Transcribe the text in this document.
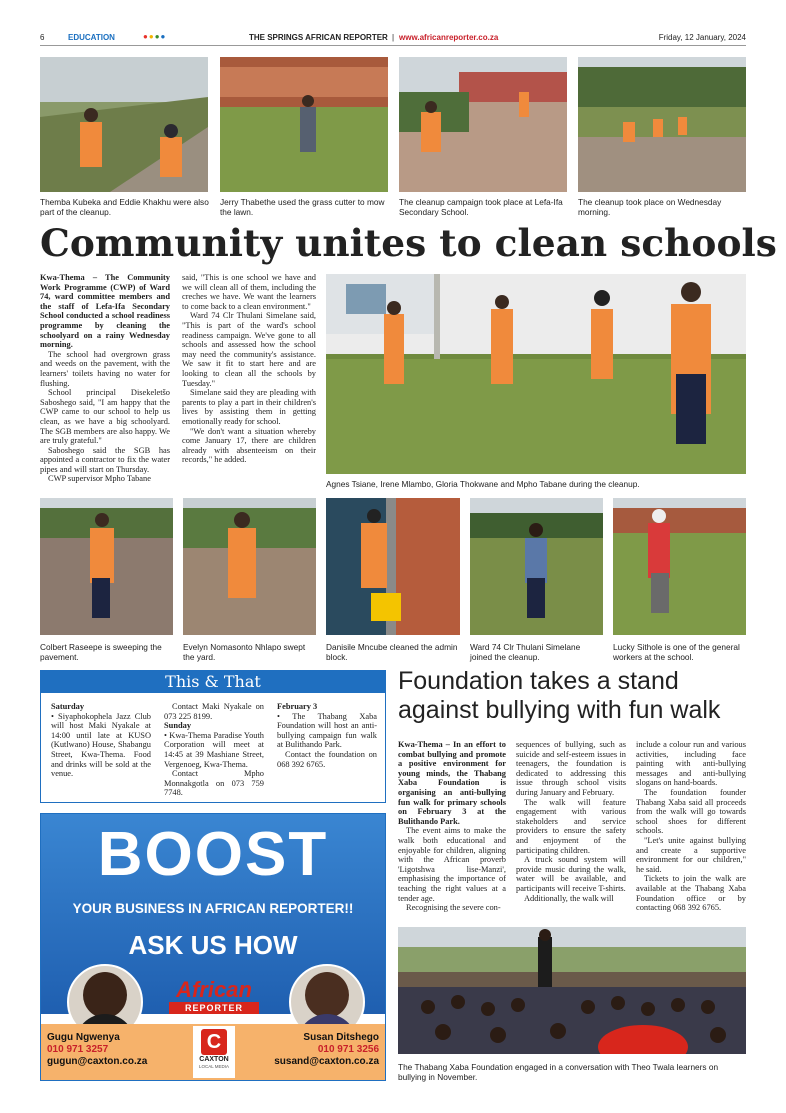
6	EDUCATION	●●●●	THE SPRINGS AFRICAN REPORTER | www.africanreporter.co.za	Friday, 12 January, 2024

Themba Kubeka and Eddie Khakhu were also part of the cleanup.

Jerry Thabethe used the grass cutter to mow the lawn.

The cleanup campaign took place at Lefa-Ifa Secondary School.

The cleanup took place on Wednesday morning.

Community unites to clean schools

Kwa-Thema – The Community Work Programme (CWP) of Ward 74, ward committee members and the staff of Lefa-Ifa Secondary School conducted a school readiness programme by cleaning the schoolyard on a rainy Wednesday morning.

The school had overgrown grass and weeds on the pavement, with the learners' toilets having no water for flushing.

School principal Disekeletšo Saboshego said, "I am happy that the CWP came to our school to help us clean, as we have a big schoolyard. The SGB members are also happy. We are truly grateful."

Saboshego said the SGB has appointed a contractor to fix the water pipes and will start on Thursday.

CWP supervisor Mpho Tabane

said, "This is one school we have and we will clean all of them, including the creches we have. We want the learners to come back to a clean environment."

Ward 74 Clr Thulani Simelane said, "This is part of the ward's school readiness campaign. We've gone to all schools and assessed how the school may need the community's assistance. We saw it fit to start here and are looking to clean all the schools by Tuesday."

Simelane said they are pleading with parents to play a part in their children's lives by assisting them in getting emotionally ready for school.

"We don't want a situation whereby come January 17, there are children already with absenteeism on their records," he added.

Agnes Tsiane, Irene Mlambo, Gloria Thokwane and Mpho Tabane during the cleanup.

Colbert Raseepe is sweeping the pavement.

Evelyn Nomasonto Nhlapo swept the yard.

Danisile Mncube cleaned the admin block.

Ward 74 Clr Thulani Simelane joined the cleanup.

Lucky Sithole is one of the general workers at the school.

This & That

Saturday

• Siyaphokophela Jazz Club will host Maki Nyakale at 14:00 until late at KUSO (Kutlwano) House, Shabangu Street, Kwa-Thema. Food and drinks will be sold at the venue.

Contact Maki Nyakale on 073 225 8199.

Sunday

• Kwa-Thema Paradise Youth Corporation will meet at 14:45 at 39 Mashiane Street, Vergenoeg, Kwa-Thema.

Contact Mpho Monnakgotla on 073 759 7748.

February 3

• The Thabang Xaba Foundation will host an anti-bullying campaign fun walk at Bulithando Park.

Contact the foundation on 068 392 6765.

BOOST
YOUR BUSINESS IN AFRICAN REPORTER!!
ASK US HOW
African
REPORTER
Gugu Ngwenya
010 971 3257
gugun@caxton.co.za
C
CAXTON
LOCAL MEDIA
Susan Ditshego
010 971 3256
susand@caxton.co.za
Foundation takes a stand
against bullying with fun walk

Kwa-Thema – In an effort to combat bullying and promote a positive environment for young minds, the Thabang Xaba Foundation is organising an anti-bullying fun walk for primary schools on February 3 at the Bulithando Park.

The event aims to make the walk both educational and enjoyable for children, aligning with the African proverb 'Ligotshwa lise-Manzi', emphasising the importance of teaching the right values at a tender age.

Recognising the severe con-

sequences of bullying, such as suicide and self-esteem issues in teenagers, the foundation is dedicated to addressing this issue through school visits during January and February.

The walk will feature engagement with various stakeholders and service providers to ensure the safety and enjoyment of the participating children.

A truck sound system will provide music during the walk, water will be available, and participants will receive T-shirts.

Additionally, the walk will

include a colour run and various activities, including face painting with anti-bullying messages and anti-bullying slogans on hand-boards.

The foundation founder Thabang Xaba said all proceeds from the walk will go towards school shoes for different schools.

"Let's unite against bullying and create a supportive environment for our children," he said.

Tickets to join the walk are available at the Thabang Xaba Foundation office or by contacting 068 392 6765.

The Thabang Xaba Foundation engaged in a conversation with Theo Twala learners on bullying in November.
